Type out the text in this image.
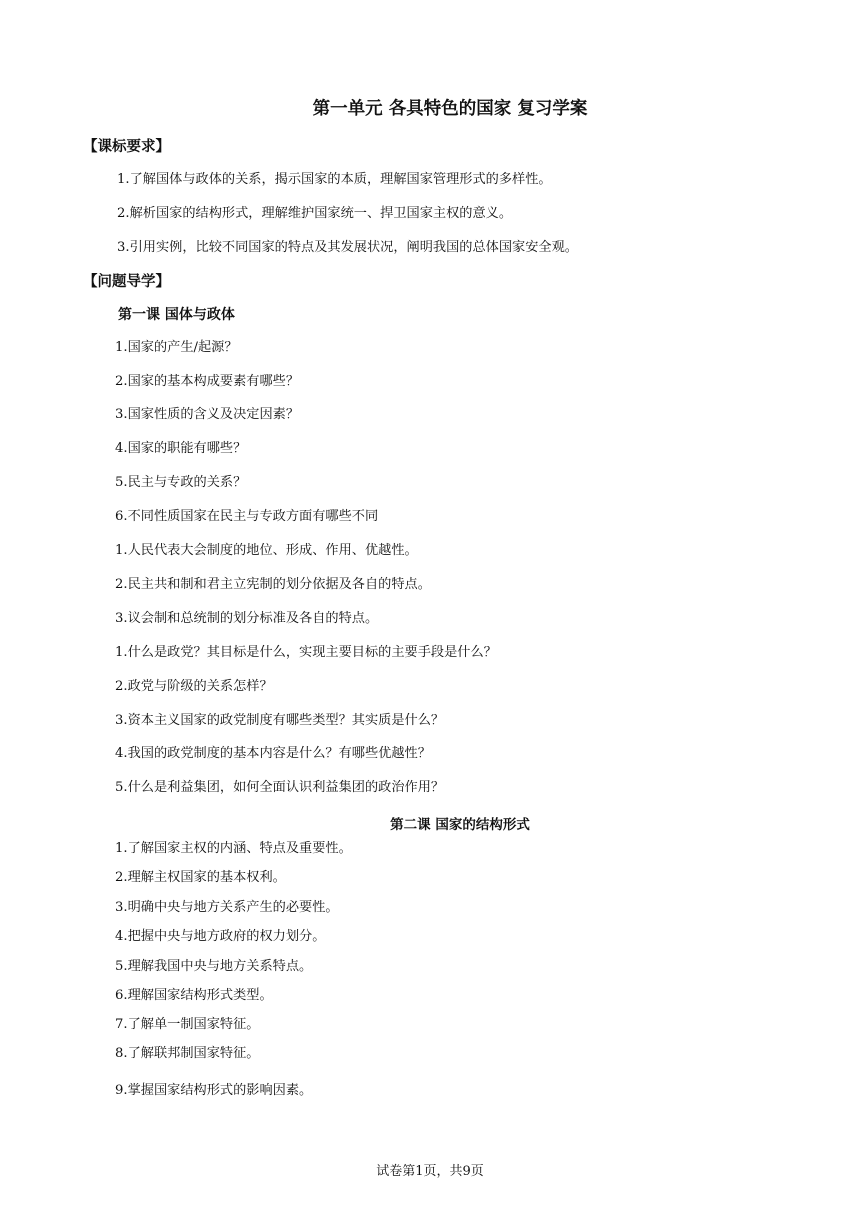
第一单元 各具特色的国家 复习学案
【课标要求】
1.了解国体与政体的关系，揭示国家的本质，理解国家管理形式的多样性。
2.解析国家的结构形式，理解维护国家统一、捍卫国家主权的意义。
3.引用实例，比较不同国家的特点及其发展状况，阐明我国的总体国家安全观。
【问题导学】
第一课 国体与政体
1.国家的产生/起源？
2.国家的基本构成要素有哪些？
3.国家性质的含义及决定因素？
4.国家的职能有哪些？
5.民主与专政的关系？
6.不同性质国家在民主与专政方面有哪些不同
1.人民代表大会制度的地位、形成、作用、优越性。
2.民主共和制和君主立宪制的划分依据及各自的特点。
3.议会制和总统制的划分标准及各自的特点。
1.什么是政党？其目标是什么，实现主要目标的主要手段是什么？
2.政党与阶级的关系怎样？
3.资本主义国家的政党制度有哪些类型？其实质是什么？
4.我国的政党制度的基本内容是什么？有哪些优越性？
5.什么是利益集团，如何全面认识利益集团的政治作用？
第二课 国家的结构形式
1.了解国家主权的内涵、特点及重要性。
2.理解主权国家的基本权利。
3.明确中央与地方关系产生的必要性。
4.把握中央与地方政府的权力划分。
5.理解我国中央与地方关系特点。
6.理解国家结构形式类型。
7.了解单一制国家特征。
8.了解联邦制国家特征。
9.掌握国家结构形式的影响因素。
试卷第1页，共9页
